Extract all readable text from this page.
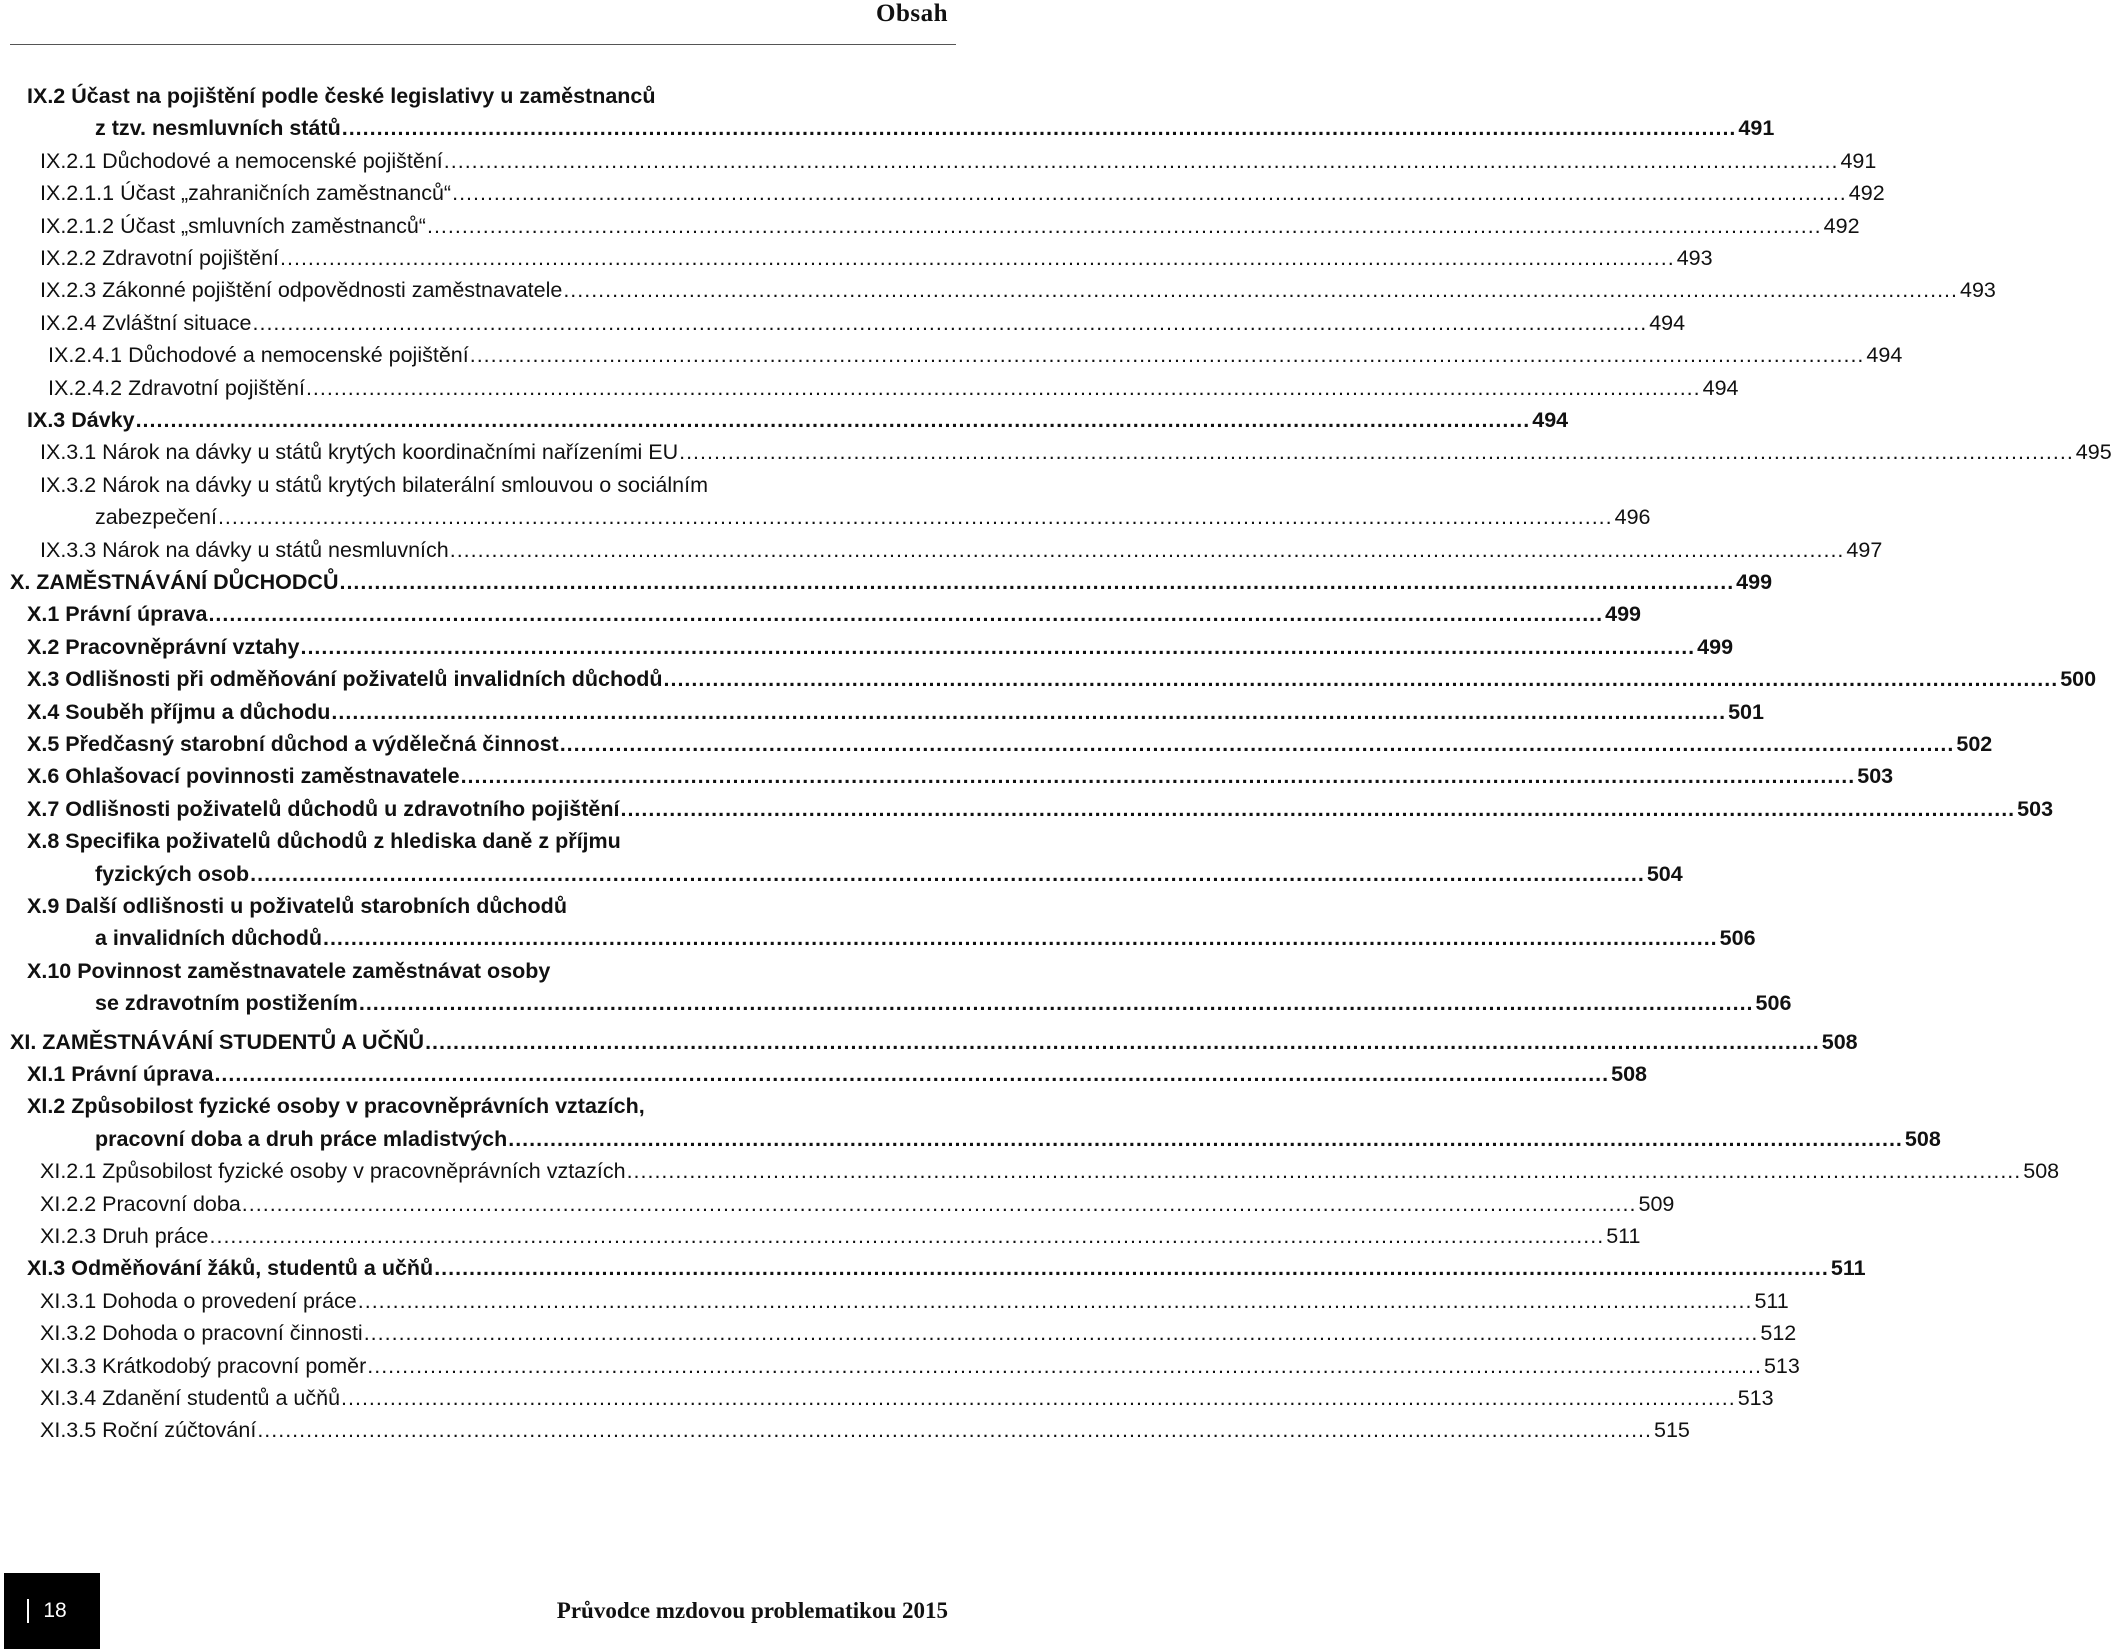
Obsah
IX.2 Účast na pojištění podle české legislativy u zaměstnanců
z tzv. nesmluvních států ........................................................................................................................................................................................................ 491
IX.2.1 Důchodové a nemocenské pojištění ........................................................................................................................................................................................................ 491
IX.2.1.1 Účast „zahraničních zaměstnanců“ ........................................................................................................................................................................................................ 492
IX.2.1.2 Účast „smluvních zaměstnanců“ ........................................................................................................................................................................................................ 492
IX.2.2 Zdravotní pojištění ........................................................................................................................................................................................................ 493
IX.2.3 Zákonné pojištění odpovědnosti zaměstnavatele ........................................................................................................................................................................................................ 493
IX.2.4 Zvláštní situace ........................................................................................................................................................................................................ 494
IX.2.4.1 Důchodové a nemocenské pojištění ........................................................................................................................................................................................................ 494
IX.2.4.2 Zdravotní pojištění ........................................................................................................................................................................................................ 494
IX.3 Dávky ........................................................................................................................................................................................................ 494
IX.3.1 Nárok na dávky u států krytých koordinačními nařízeními EU ........................................................................................................................................................................................................ 495
IX.3.2 Nárok na dávky u států krytých bilaterální smlouvou o sociálním
zabezpečení ........................................................................................................................................................................................................ 496
IX.3.3 Nárok na dávky u států nesmluvních ........................................................................................................................................................................................................ 497
X. ZAMĚSTNÁVÁNÍ DŮCHODCŮ ........................................................................................................................................................................................................ 499
X.1 Právní úprava ........................................................................................................................................................................................................ 499
X.2 Pracovněprávní vztahy ........................................................................................................................................................................................................ 499
X.3 Odlišnosti při odměňování poživatelů invalidních důchodů ........................................................................................................................................................................................................ 500
X.4 Souběh příjmu a důchodu ........................................................................................................................................................................................................ 501
X.5 Předčasný starobní důchod a výdělečná činnost ........................................................................................................................................................................................................ 502
X.6 Ohlašovací povinnosti zaměstnavatele ........................................................................................................................................................................................................ 503
X.7 Odlišnosti poživatelů důchodů u zdravotního pojištění ........................................................................................................................................................................................................ 503
X.8 Specifika poživatelů důchodů z hlediska daně z příjmu
fyzických osob ........................................................................................................................................................................................................ 504
X.9 Další odlišnosti u poživatelů starobních důchodů
a invalidních důchodů ........................................................................................................................................................................................................ 506
X.10 Povinnost zaměstnavatele zaměstnávat osoby
se zdravotním postižením ........................................................................................................................................................................................................ 506
XI. ZAMĚSTNÁVÁNÍ STUDENTŮ A UČŇŮ ........................................................................................................................................................................................................ 508
XI.1 Právní úprava ........................................................................................................................................................................................................ 508
XI.2 Způsobilost fyzické osoby v pracovněprávních vztazích,
pracovní doba a druh práce mladistvých ........................................................................................................................................................................................................ 508
XI.2.1 Způsobilost fyzické osoby v pracovněprávních vztazích ........................................................................................................................................................................................................ 508
XI.2.2 Pracovní doba ........................................................................................................................................................................................................ 509
XI.2.3 Druh práce ........................................................................................................................................................................................................ 511
XI.3 Odměňování žáků, studentů a učňů ........................................................................................................................................................................................................ 511
XI.3.1 Dohoda o provedení práce ........................................................................................................................................................................................................ 511
XI.3.2 Dohoda o pracovní činnosti ........................................................................................................................................................................................................ 512
XI.3.3 Krátkodobý pracovní poměr ........................................................................................................................................................................................................ 513
XI.3.4 Zdanění studentů a učňů ........................................................................................................................................................................................................ 513
XI.3.5 Roční zúčtování ........................................................................................................................................................................................................ 515
18	Průvodce mzdovou problematikou 2015
